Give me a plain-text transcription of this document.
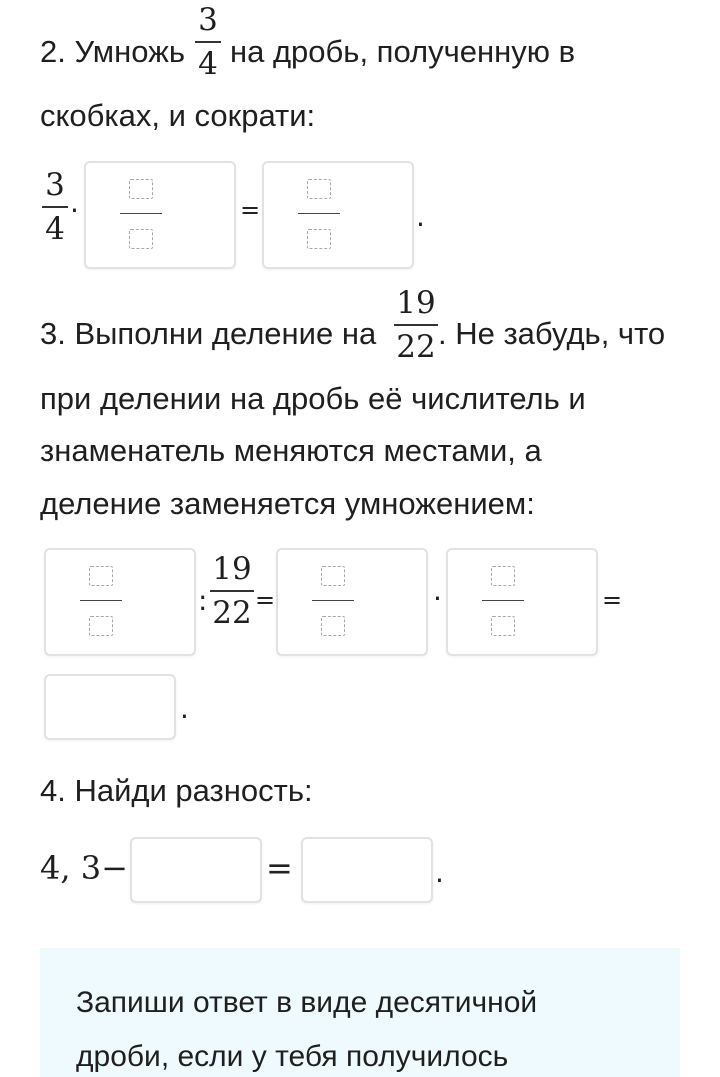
2. Умножь
3
4 на дробь, полученную в
скобках, и сократи:
3
4
·	=	.
3. Выполни деление на
19
22 . Не забудь, что
при делении на дробь её числитель и
знаменатель меняются местами, а
деление заменяется умножением:
:
19
22 =	·	=
.
4. Найди разность:
4, 3−	=	.
Запиши ответ в виде десятичной
дроби, если у тебя получилось
